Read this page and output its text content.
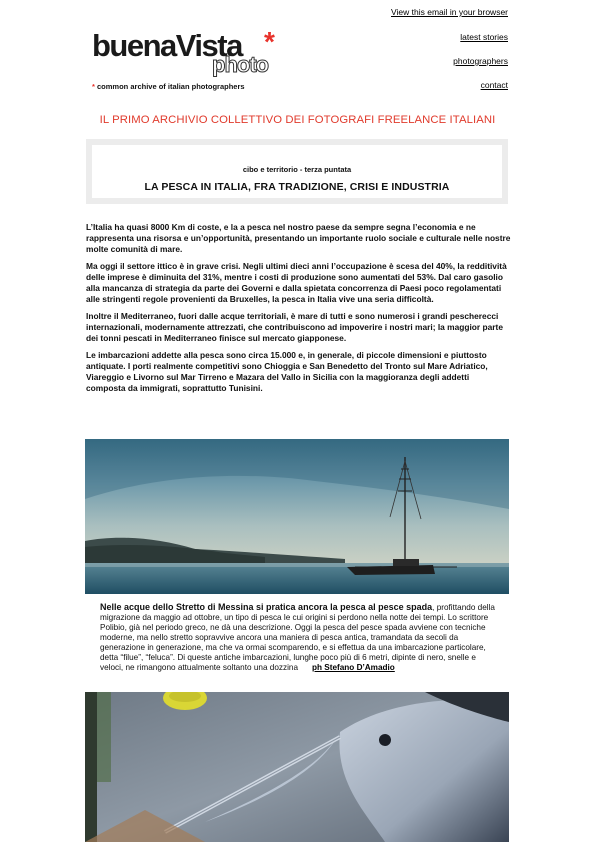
View this email in your browser
latest stories
photographers
contact
buenaVista *
photo
* common archive of italian photographers
IL PRIMO ARCHIVIO COLLETTIVO DEI FOTOGRAFI FREELANCE ITALIANI
cibo e territorio - terza puntata
LA PESCA IN ITALIA, FRA TRADIZIONE, CRISI E INDUSTRIA

L’Italia ha quasi 8000 Km di coste, e la a pesca nel nostro paese da sempre segna l’economia e ne rappresenta una risorsa e un’opportunità, presentando un importante ruolo sociale e culturale nelle nostre molte comunità di mare.

Ma oggi il settore ittico è in grave crisi. Negli ultimi dieci anni l’occupazione è scesa del 40%, la redditività delle imprese è diminuita del 31%, mentre i costi di produzione sono aumentati del 53%. Dal caro gasolio alla mancanza di strategia da parte dei Governi e dalla spietata concorrenza di Paesi poco regolamentati alle stringenti regole provenienti da Bruxelles, la pesca in Italia vive una seria difficoltà.

Inoltre il Mediterraneo, fuori dalle acque territoriali, è mare di tutti e sono numerosi i grandi pescherecci internazionali, modernamente attrezzati, che contribuiscono ad impoverire i nostri mari; la maggior parte dei tonni pescati in Mediterraneo finisce sul mercato giapponese.

Le imbarcazioni addette alla pesca sono circa 15.000 e, in generale, di piccole dimensioni e piuttosto antiquate. I porti realmente competitivi sono Chioggia e San Benedetto del Tronto sul Mare Adriatico, Viareggio e Livorno sul Mar Tirreno e Mazara del Vallo in Sicilia con la maggioranza degli addetti composta da immigrati, soprattutto Tunisini.

Nelle acque dello Stretto di Messina si pratica ancora la pesca al pesce spada, profittando della migrazione da maggio ad ottobre, un tipo di pesca le cui origini si perdono nella notte dei tempi. Lo scrittore Polibio, già nel periodo greco, ne dà una descrizione. Oggi la pesca del pesce spada avviene con tecniche moderne, ma nello stretto sopravvive ancora una maniera di pesca antica, tramandata da secoli da generazione in generazione, ma che va ormai scomparendo, e si effettua da una imbarcazione particolare, detta “filue”, “feluca”. Di queste antiche imbarcazioni, lunghe poco più di 6 metri, dipinte di nero, snelle e veloci, ne rimangono attualmente soltanto una dozzina ph Stefano D’Amadio
